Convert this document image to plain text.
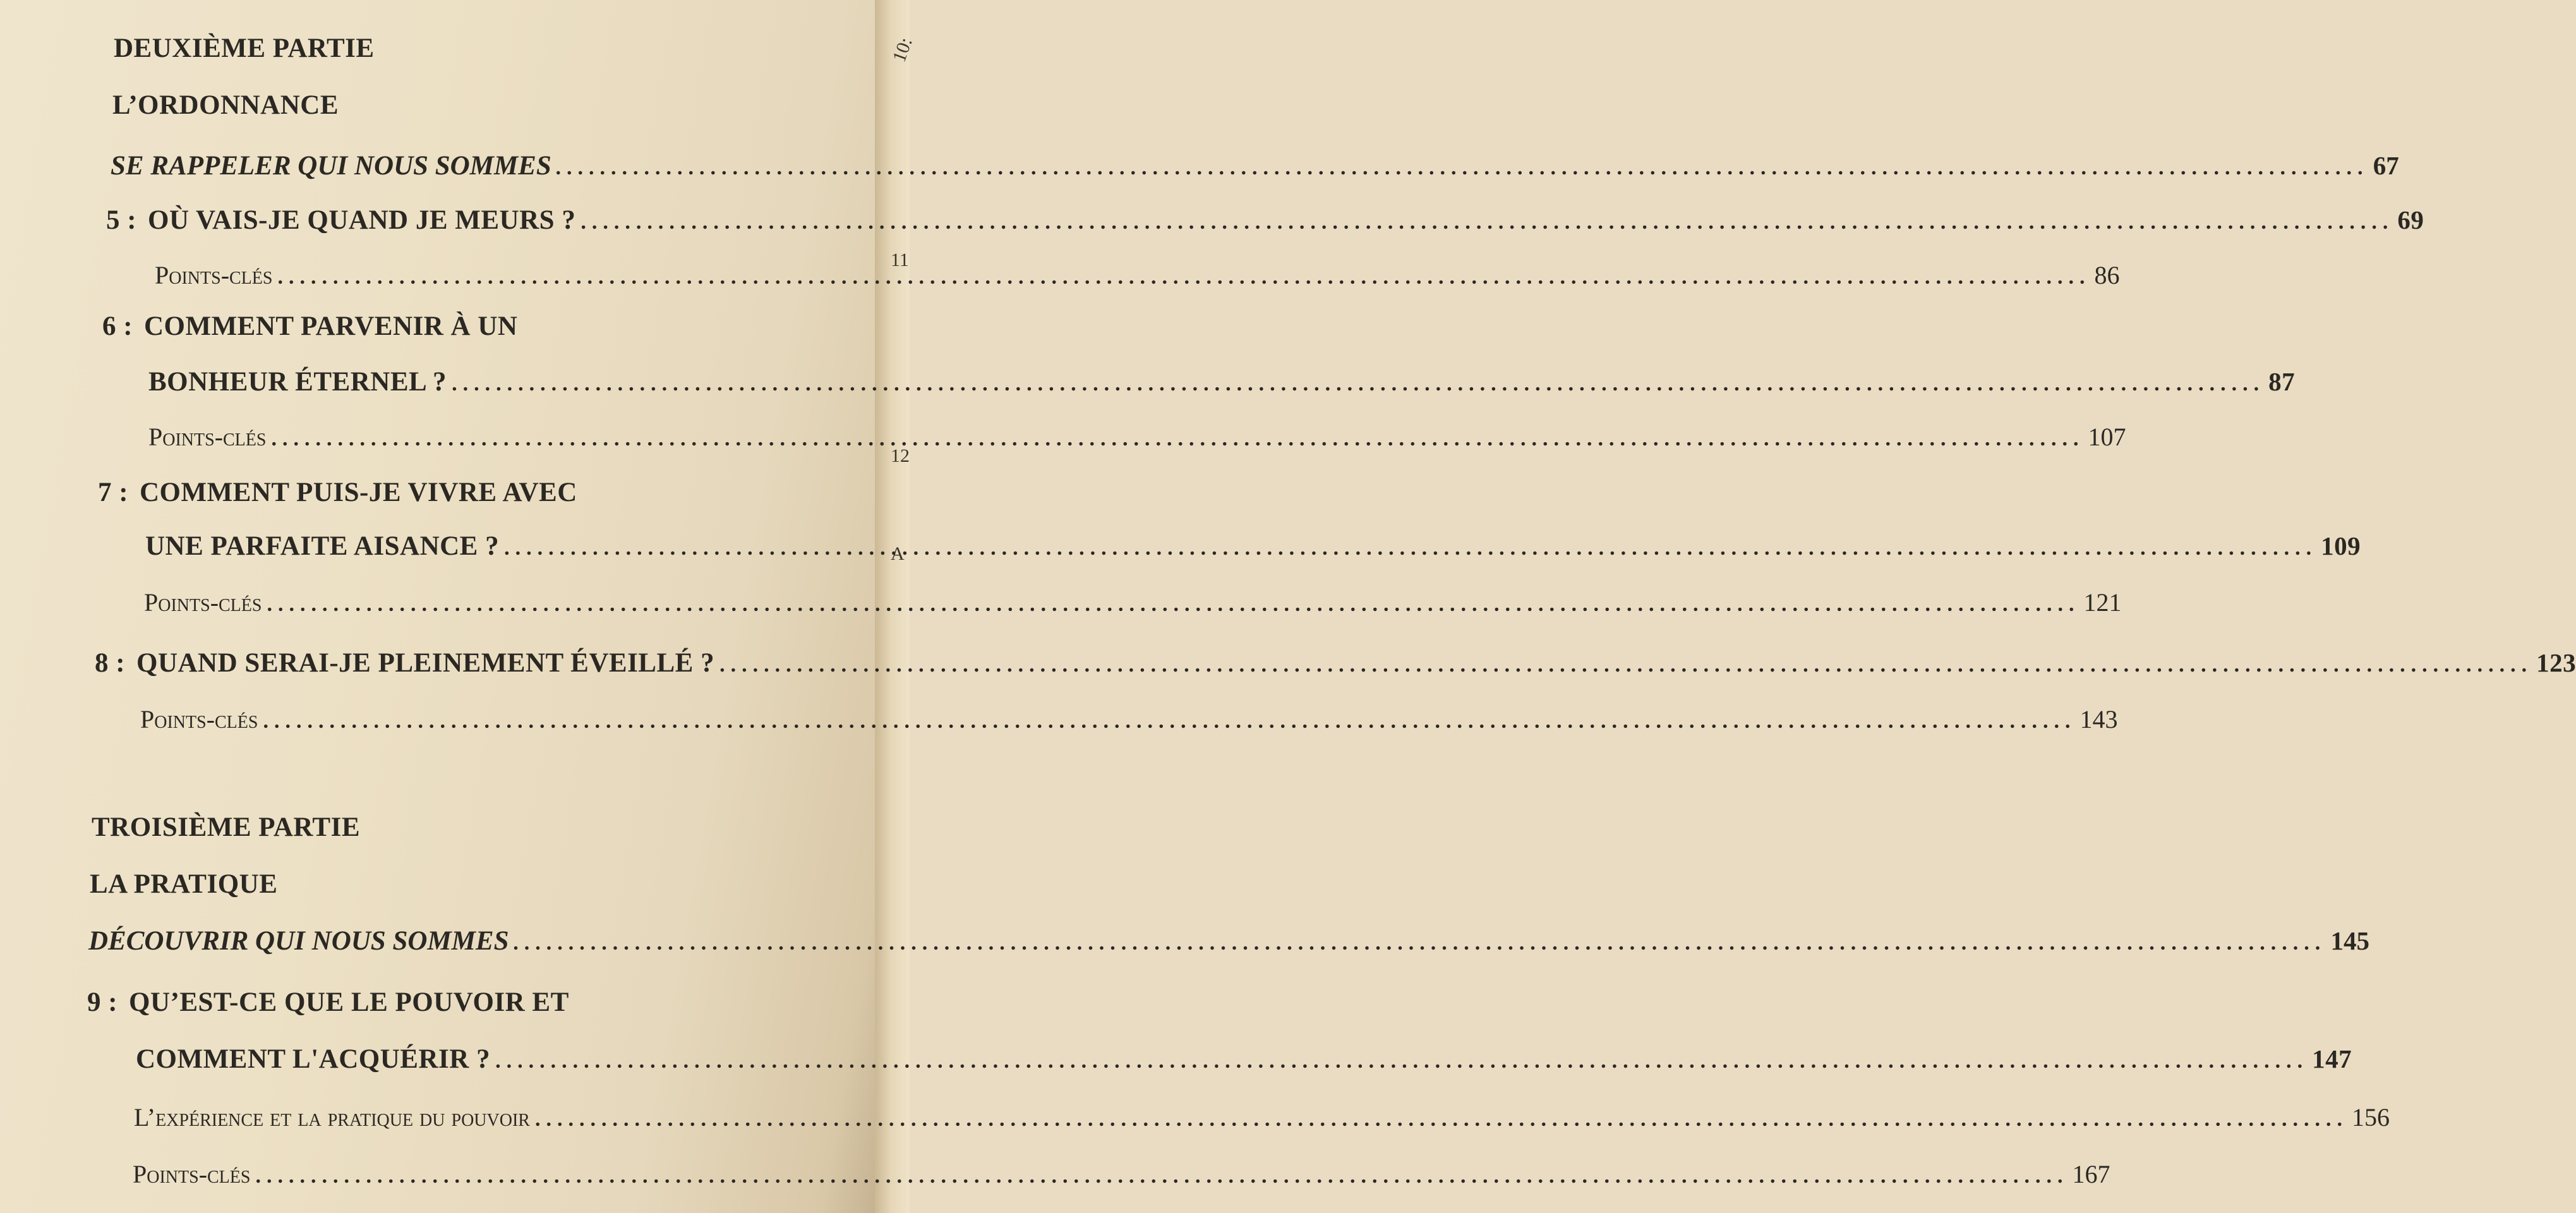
10:
11
12
A
DEUXIÈME PARTIE
L’ORDONNANCE
SE RAPPELER QUI NOUS SOMMES .....	67
5 : OÙ VAIS-JE QUAND JE MEURS ? .....	69
Points-clés .....	86
6 : COMMENT PARVENIR À UN
BONHEUR ÉTERNEL ? .....	87
Points-clés .....	107
7 : COMMENT PUIS-JE VIVRE AVEC
UNE PARFAITE AISANCE ? .....	109
Points-clés .....	121
8 : QUAND SERAI-JE PLEINEMENT ÉVEILLÉ ? .....	123
Points-clés .....	143
TROISIÈME PARTIE
LA PRATIQUE
DÉCOUVRIR QUI NOUS SOMMES .....	145
9 : QU’EST-CE QUE LE POUVOIR ET
COMMENT L'ACQUÉRIR ? .....	147
L’expérience et la pratique du pouvoir .....	156
Points-clés .....	167
